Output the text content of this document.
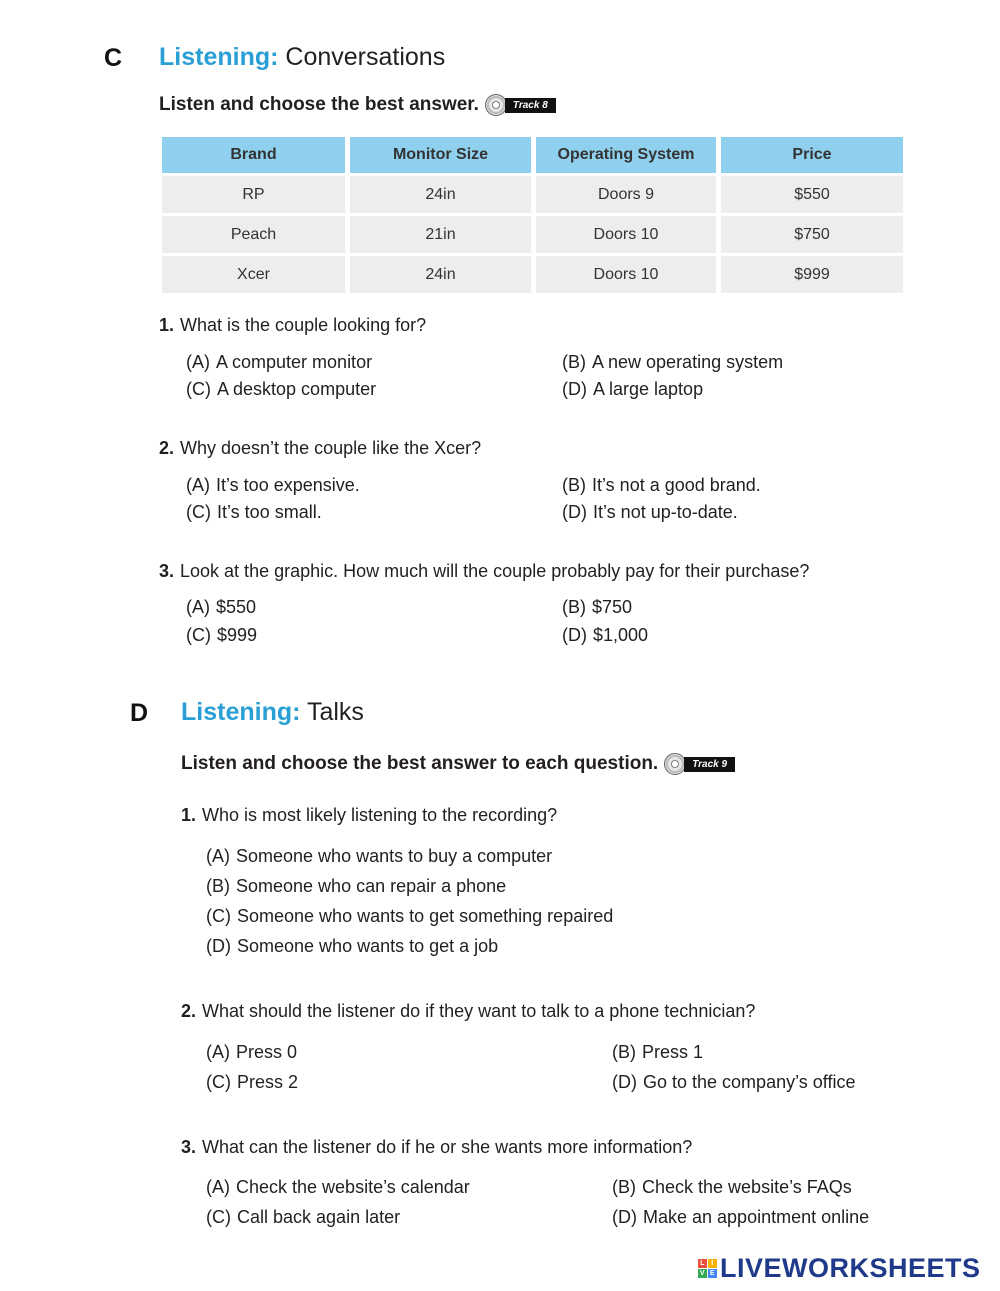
C Listening: Conversations
Listen and choose the best answer.	Track 8
Brand	Monitor Size	Operating System	Price
RP	24in	Doors 9	$550
Peach	21in	Doors 10	$750
Xcer	24in	Doors 10	$999
1. What is the couple looking for?
(A) A computer monitor	(B) A new operating system
(C) A desktop computer	(D) A large laptop
2. Why doesn’t the couple like the Xcer?
(A) It’s too expensive.	(B) It’s not a good brand.
(C) It’s too small.	(D) It’s not up-to-date.
3. Look at the graphic. How much will the couple probably pay for their purchase?
(A) $550	(B) $750
(C) $999	(D) $1,000
D Listening: Talks
Listen and choose the best answer to each question.	Track 9
1. Who is most likely listening to the recording?
(A) Someone who wants to buy a computer
(B) Someone who can repair a phone
(C) Someone who wants to get something repaired
(D) Someone who wants to get a job
2. What should the listener do if they want to talk to a phone technician?
(A) Press 0	(B) Press 1
(C) Press 2	(D) Go to the company’s office
3. What can the listener do if he or she wants more information?
(A) Check the website’s calendar	(B) Check the website’s FAQs
(C) Call back again later	(D) Make an appointment online
L I
V E LIVEWORKSHEETS
